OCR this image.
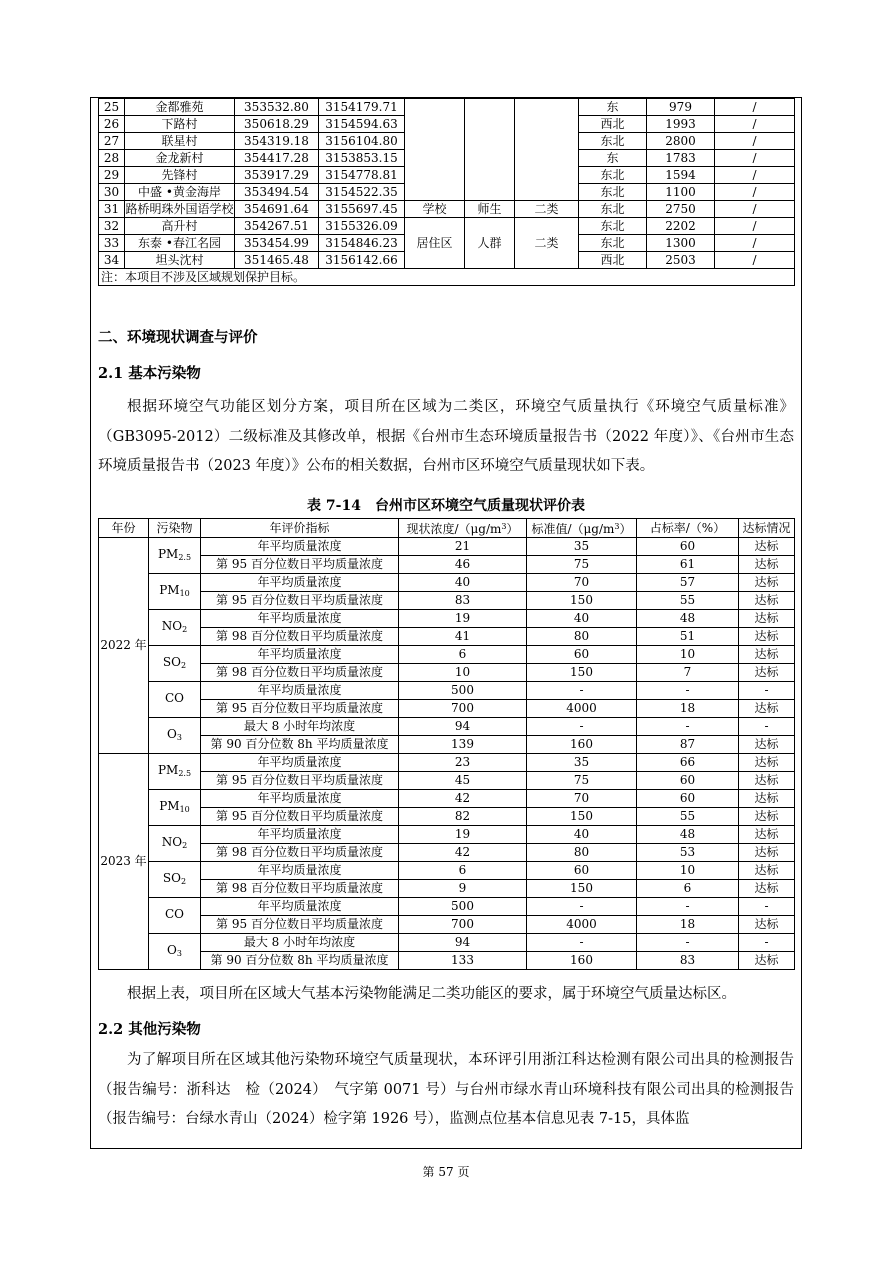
25	金都雅苑	353532.80	3154179.71				东	979	/
26	下路村	350618.29	3154594.63				西北	1993	/
27	联星村	354319.18	3156104.80				东北	2800	/
28	金龙新村	354417.28	3153853.15				东	1783	/
29	先锋村	353917.29	3154778.81				东北	1594	/
30	中盛 •黄金海岸	353494.54	3154522.35				东北	1100	/
31	路桥明珠外国语学校	354691.64	3155697.45	学校	师生	二类	东北	2750	/
32	高升村	354267.51	3155326.09	居住区	人群	二类	东北	2202	/
33	东泰 •春江名园	353454.99	3154846.23				东北	1300	/
34	坦头沈村	351465.48	3156142.66				西北	2503	/
注：本项目不涉及区域规划保护目标。									

二、环境现状调查与评价

2.1 基本污染物

根据环境空气功能区划分方案，项目所在区域为二类区，环境空气质量执行《环境空气质量标准》（GB3095-2012）二级标准及其修改单，根据《台州市生态环境质量报告书（2022 年度）》、《台州市生态环境质量报告书（2023 年度）》公布的相关数据，台州市区环境空气质量现状如下表。

表 7-14　台州市区环境空气质量现状评价表

年份	污染物	年评价指标	现状浓度$/(\mu g/m^3)$	标准值$/(\mu g/m^3)$	占标率/（%）	达标情况
2022 年	$PM_{2.5}$	年平均质量浓度	21	35	60	达标
		第 95 百分位数日平均质量浓度	46	75	61	达标
	$PM_{10}$	年平均质量浓度	40	70	57	达标
		第 95 百分位数日平均质量浓度	83	150	55	达标
	$NO_2$	年平均质量浓度	19	40	48	达标
		第 98 百分位数日平均质量浓度	41	80	51	达标
	$SO_2$	年平均质量浓度	6	60	10	达标
		第 98 百分位数日平均质量浓度	10	150	7	达标
	CO	年平均质量浓度	500	-	-	-
		第 95 百分位数日平均质量浓度	700	4000	18	达标
	$O_3$	最大 8 小时年均浓度	94	-	-	-
		第 90 百分位数 8h 平均质量浓度	139	160	87	达标
2023 年	$PM_{2.5}$	年平均质量浓度	23	35	66	达标
		第 95 百分位数日平均质量浓度	45	75	60	达标
	$PM_{10}$	年平均质量浓度	42	70	60	达标
		第 95 百分位数日平均质量浓度	82	150	55	达标
	$NO_2$	年平均质量浓度	19	40	48	达标
		第 98 百分位数日平均质量浓度	42	80	53	达标
	$SO_2$	年平均质量浓度	6	60	10	达标
		第 98 百分位数日平均质量浓度	9	150	6	达标
	CO	年平均质量浓度	500	-	-	-
		第 95 百分位数日平均质量浓度	700	4000	18	达标
	$O_3$	最大 8 小时年均浓度	94	-	-	-
		第 90 百分位数 8h 平均质量浓度	133	160	83	达标

根据上表，项目所在区域大气基本污染物能满足二类功能区的要求，属于环境空气质量达标区。

2.2 其他污染物

为了解项目所在区域其他污染物环境空气质量现状，本环评引用浙江科达检测有限公司出具的检测报告（报告编号：浙科达　检（2024）　气字第 0071 号）与台州市绿水青山环境科技有限公司出具的检测报告（报告编号：台绿水青山（2024）检字第 1926 号），监测点位基本信息见表 7-15，具体监

第 57 页
